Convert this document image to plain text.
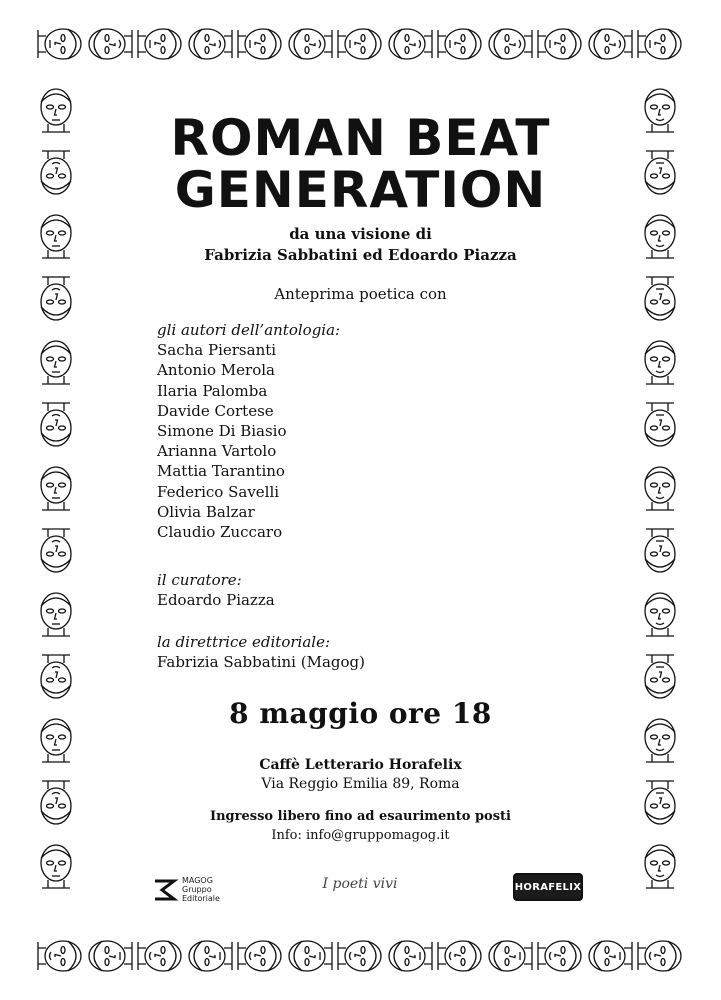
ROMAN BEAT
GENERATION

da una visione di

Fabrizia Sabbatini ed Edoardo Piazza

Anteprima poetica con

gli autori dell’antologia:

Sacha Piersanti

Antonio Merola

Ilaria Palomba

Davide Cortese

Simone Di Biasio

Arianna Vartolo

Mattia Tarantino

Federico Savelli

Olivia Balzar

Claudio Zuccaro

il curatore:

Edoardo Piazza

la direttrice editoriale:

Fabrizia Sabbatini (Magog)

8 maggio ore 18

Caffè Letterario Horafelix

Via Reggio Emilia 89, Roma

Ingresso libero fino ad esaurimento posti

Info: info@gruppomagog.it

MAGOG
Gruppo
Editoriale
I poeti vivi	HORAFELIX
